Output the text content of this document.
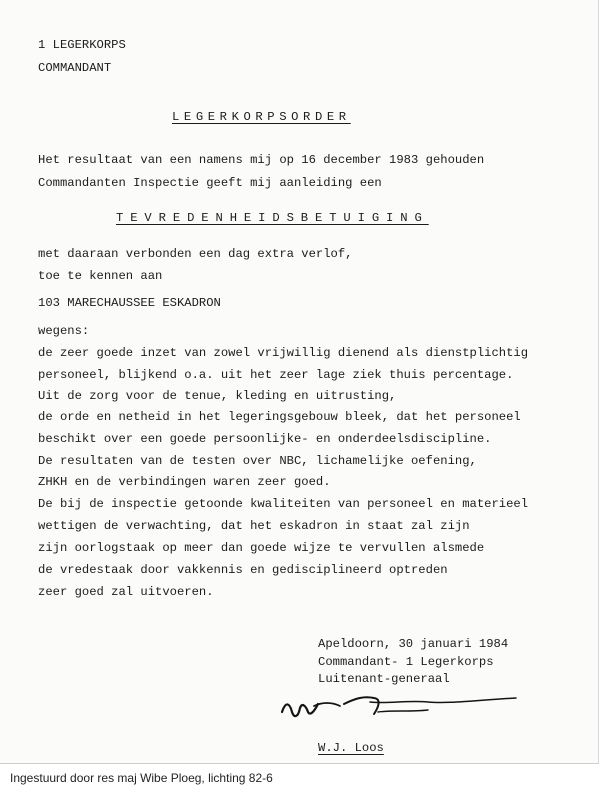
1 LEGERKORPS
COMMANDANT
LEGERKORPSORDER
Het resultaat van een namens mij op 16 december 1983 gehouden
Commandanten Inspectie geeft mij aanleiding een
TEVREDENHEIDSBETUIGING
met daaraan verbonden een dag extra verlof,
toe te kennen aan
103 MARECHAUSSEE ESKADRON
wegens:
de zeer goede inzet van zowel vrijwillig dienend als dienstplichtig
personeel, blijkend o.a. uit het zeer lage ziek thuis percentage.
Uit de zorg voor de tenue, kleding en uitrusting,
de orde en netheid in het legeringsgebouw bleek, dat het personeel
beschikt over een goede persoonlijke- en onderdeelsdiscipline.
De resultaten van de testen over NBC, lichamelijke oefening,
ZHKH en de verbindingen waren zeer goed.
De bij de inspectie getoonde kwaliteiten van personeel en materieel
wettigen de verwachting, dat het eskadron in staat zal zijn
zijn oorlogstaak op meer dan goede wijze te vervullen alsmede
de vredestaak door vakkennis en gedisciplineerd optreden
zeer goed zal uitvoeren.
Apeldoorn, 30 januari 1984
Commandant- 1 Legerkorps
Luitenant-generaal
W.J. Loos
Ingestuurd door res maj Wibe Ploeg, lichting 82-6
